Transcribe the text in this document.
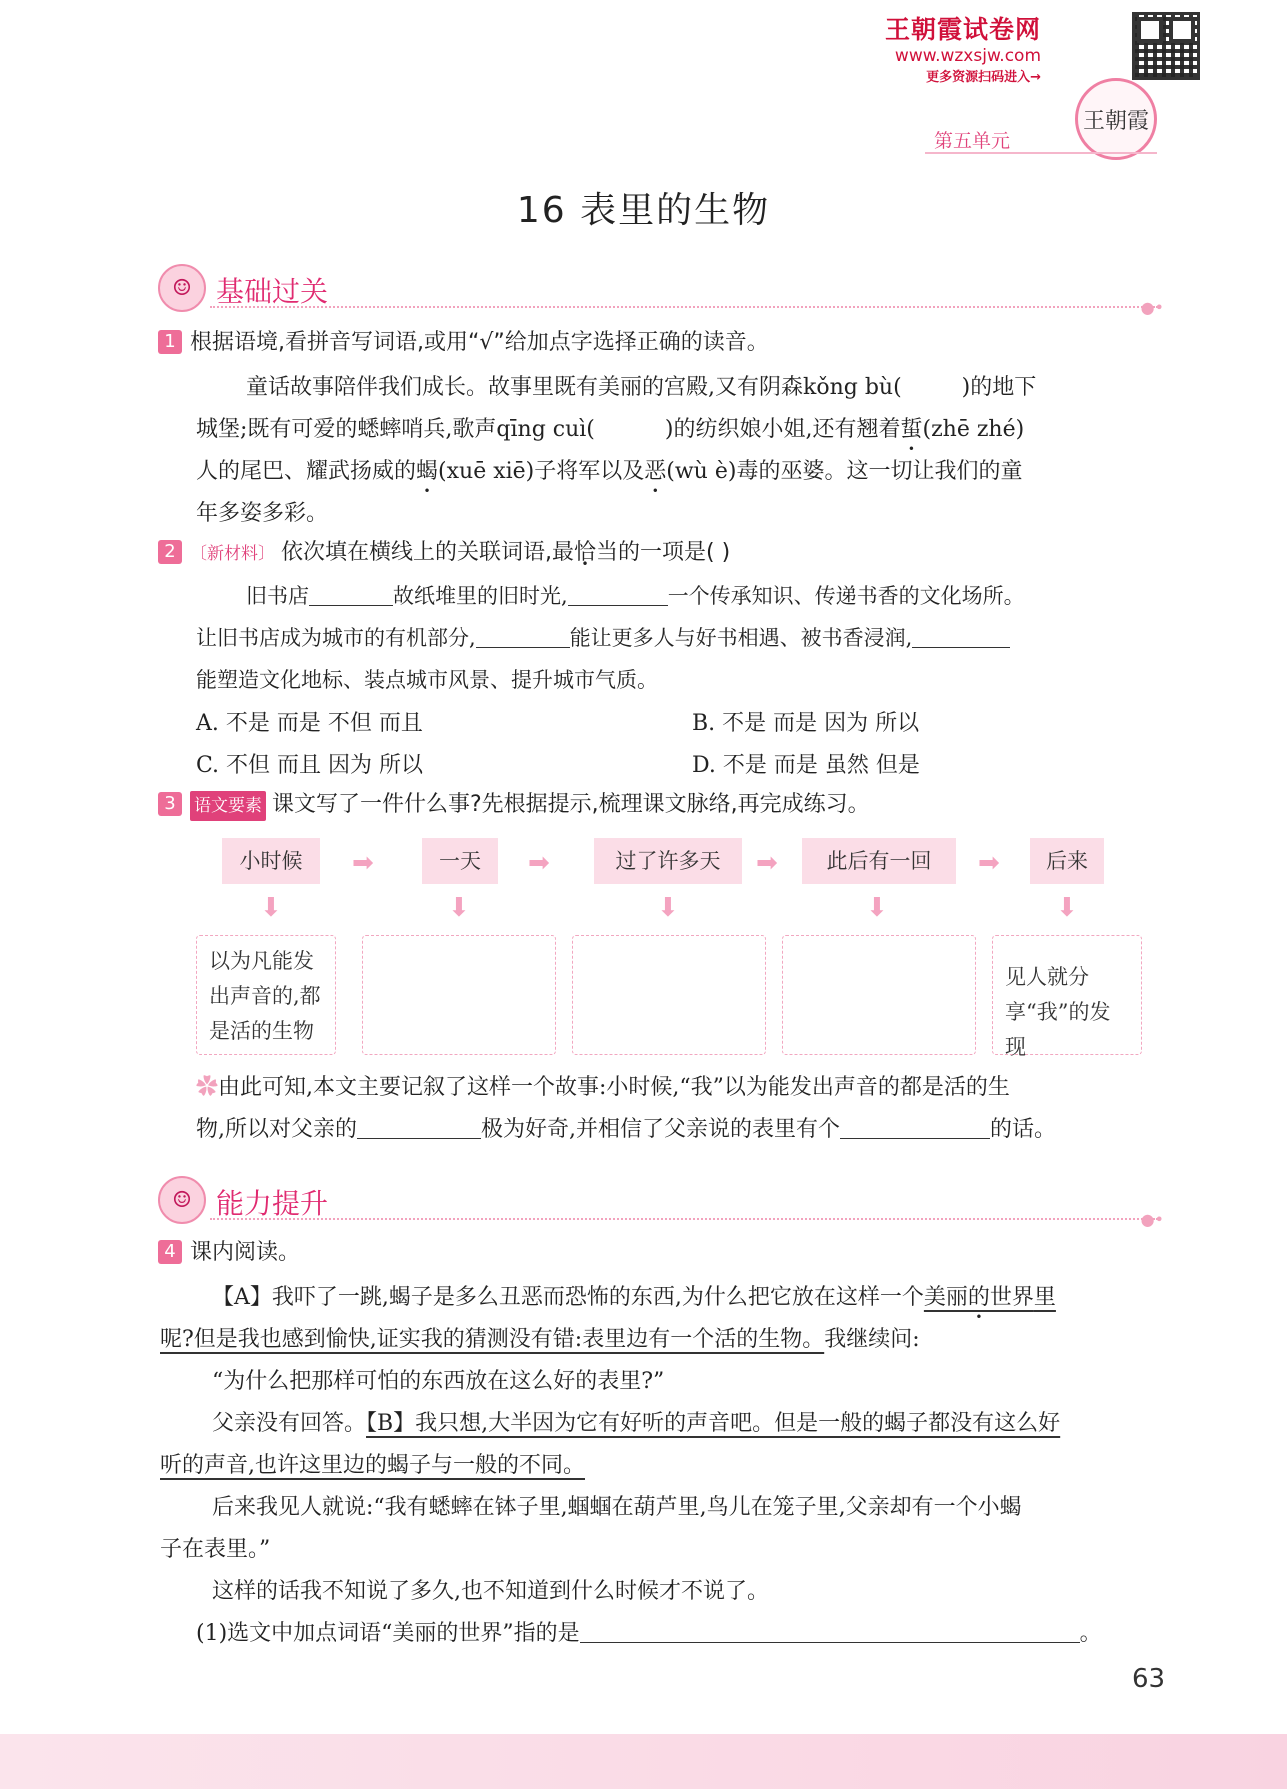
王朝霞试卷网
www.wzxsjw.com
更多资源扫码进入→
王朝霞
第五单元
16 表里的生物
☺ 基础过关	●•
1 根据语境,看拼音写词语,或用“√”给加点字选择正确的读音。
童话故事陪伴我们成长。故事里既有美丽的宫殿,又有阴森kǒng bù(	)的地下
城堡;既有可爱的蟋蟀哨兵,歌声qīng cuì(	)的纺织娘小姐,还有翘着蜇(zhē zhé)
人的尾巴、耀武扬威的蝎(xuē xiē)子将军以及恶(wù è)毒的巫婆。这一切让我们的童
年多姿多彩。
2 〔新材料〕 依次填在横线上的关联词语,最恰当的一项是( )
旧书店	故纸堆里的旧时光,	一个传承知识、传递书香的文化场所。
让旧书店成为城市的有机部分,	能让更多人与好书相遇、被书香浸润,
能塑造文化地标、装点城市风景、提升城市气质。
A. 不是 而是 不但 而且	B. 不是 而是 因为 所以
C. 不但 而且 因为 所以	D. 不是 而是 虽然 但是
3 语文要素 课文写了一件什么事?先根据提示,梳理课文脉络,再完成练习。
小时候	➡	一天	➡	过了许多天	➡	此后有一回	➡	后来
⬇	⬇	⬇	⬇	⬇
以为凡能发出声音的,都是活的生物
见人就分享“我”的发现
✿由此可知,本文主要记叙了这样一个故事:小时候,“我”以为能发出声音的都是活的生
物,所以对父亲的	极为好奇,并相信了父亲说的表里有个	的话。
☺ 能力提升	●•
4 课内阅读。
【A】我吓了一跳,蝎子是多么丑恶而恐怖的东西,为什么把它放在这样一个美丽的世界 •里
呢?但是我也感到愉快,证实我的猜测没有错:表里边有一个活的生物。我继续问:
“为什么把那样可怕的东西放在这么好的表里?”
父亲没有回答。【B】我只想,大半因为它有好听的声音吧。但是一般的蝎子都没有这么好
听的声音,也许这里边的蝎子与一般的不同。
后来我见人就说:“我有蟋蟀在钵子里,蝈蝈在葫芦里,鸟儿在笼子里,父亲却有一个小蝎
子在表里。”
这样的话我不知说了多久,也不知道到什么时候才不说了。
(1)选文中加点词语“美丽的世界”指的是	。
63
